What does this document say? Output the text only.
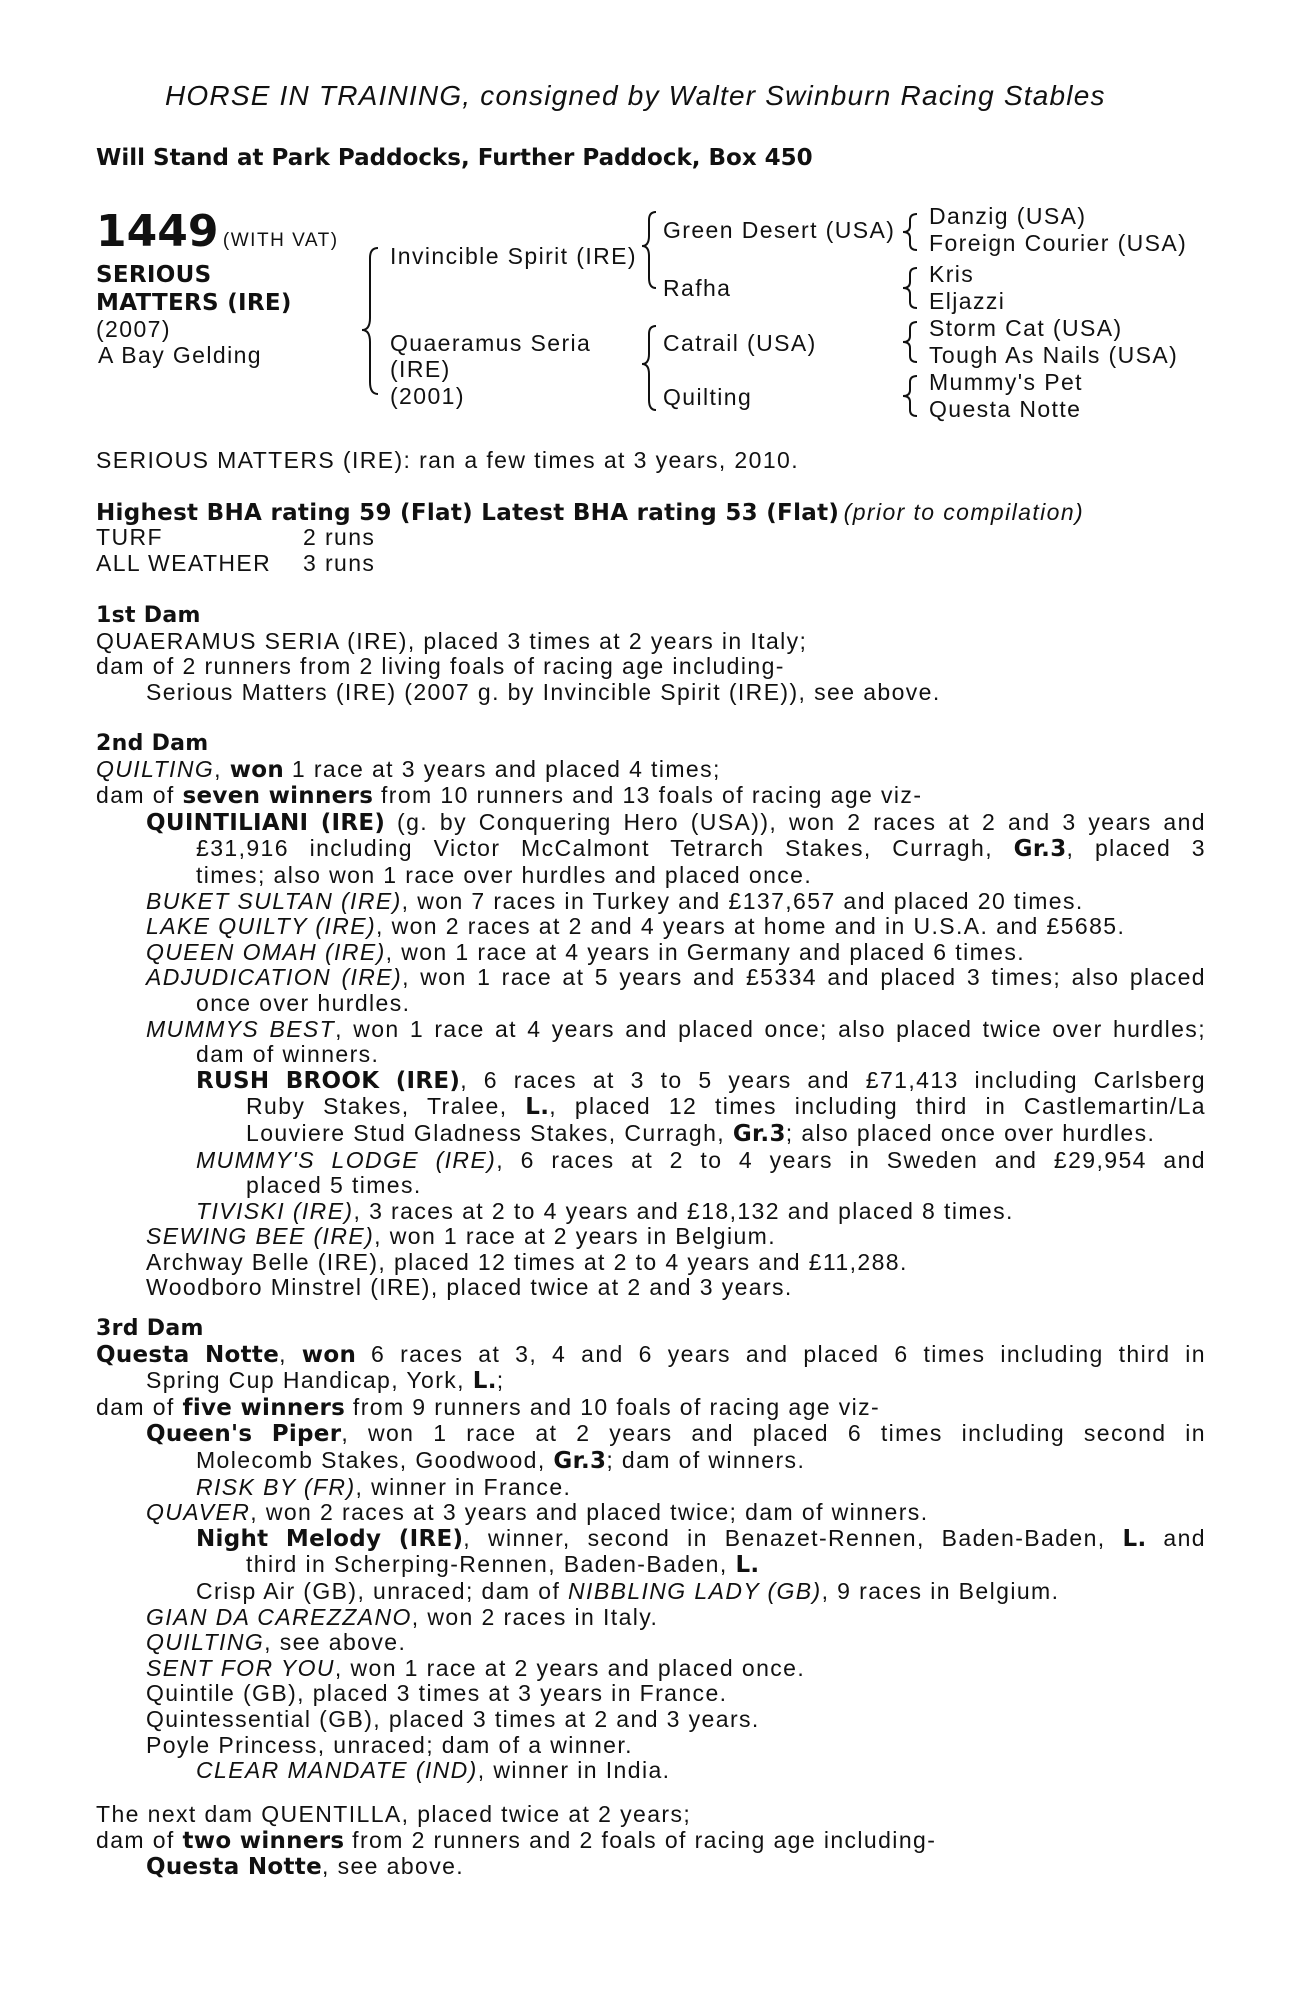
HORSE IN TRAINING, consigned by Walter Swinburn Racing Stables
Will Stand at Park Paddocks, Further Paddock, Box 450
1449 (WITH VAT)
SERIOUS
MATTERS (IRE)
(2007)
A Bay Gelding
Invincible Spirit (IRE)
Quaeramus Seria
(IRE)
(2001)
Green Desert (USA)
Rafha
Catrail (USA)
Quilting
Danzig (USA)
Foreign Courier (USA)
Kris
Eljazzi
Storm Cat (USA)
Tough As Nails (USA)
Mummy's Pet
Questa Notte
SERIOUS MATTERS (IRE): ran a few times at 3 years, 2010.
Highest BHA rating 59 (Flat) Latest BHA rating 53 (Flat) (prior to compilation)
TURF	2 runs
ALL WEATHER 3 runs
1st Dam
QUAERAMUS SERIA (IRE), placed 3 times at 2 years in Italy;
dam of 2 runners from 2 living foals of racing age including-
Serious Matters (IRE) (2007 g. by Invincible Spirit (IRE)), see above.
2nd Dam
QUILTING, won 1 race at 3 years and placed 4 times;
dam of seven winners from 10 runners and 13 foals of racing age viz-
QUINTILIANI (IRE) (g. by Conquering Hero (USA)), won 2 races at 2 and 3 years and
£31,916 including Victor McCalmont Tetrarch Stakes, Curragh, Gr.3, placed 3
times; also won 1 race over hurdles and placed once.
BUKET SULTAN (IRE), won 7 races in Turkey and £137,657 and placed 20 times.
LAKE QUILTY (IRE), won 2 races at 2 and 4 years at home and in U.S.A. and £5685.
QUEEN OMAH (IRE), won 1 race at 4 years in Germany and placed 6 times.
ADJUDICATION (IRE), won 1 race at 5 years and £5334 and placed 3 times; also placed
once over hurdles.
MUMMYS BEST, won 1 race at 4 years and placed once; also placed twice over hurdles;
dam of winners.
RUSH BROOK (IRE), 6 races at 3 to 5 years and £71,413 including Carlsberg
Ruby Stakes, Tralee, L., placed 12 times including third in Castlemartin/La
Louviere Stud Gladness Stakes, Curragh, Gr.3; also placed once over hurdles.
MUMMY'S LODGE (IRE), 6 races at 2 to 4 years in Sweden and £29,954 and
placed 5 times.
TIVISKI (IRE), 3 races at 2 to 4 years and £18,132 and placed 8 times.
SEWING BEE (IRE), won 1 race at 2 years in Belgium.
Archway Belle (IRE), placed 12 times at 2 to 4 years and £11,288.
Woodboro Minstrel (IRE), placed twice at 2 and 3 years.
3rd Dam
Questa Notte, won 6 races at 3, 4 and 6 years and placed 6 times including third in
Spring Cup Handicap, York, L.;
dam of five winners from 9 runners and 10 foals of racing age viz-
Queen's Piper, won 1 race at 2 years and placed 6 times including second in
Molecomb Stakes, Goodwood, Gr.3; dam of winners.
RISK BY (FR), winner in France.
QUAVER, won 2 races at 3 years and placed twice; dam of winners.
Night Melody (IRE), winner, second in Benazet-Rennen, Baden-Baden, L. and
third in Scherping-Rennen, Baden-Baden, L.
Crisp Air (GB), unraced; dam of NIBBLING LADY (GB), 9 races in Belgium.
GIAN DA CAREZZANO, won 2 races in Italy.
QUILTING, see above.
SENT FOR YOU, won 1 race at 2 years and placed once.
Quintile (GB), placed 3 times at 3 years in France.
Quintessential (GB), placed 3 times at 2 and 3 years.
Poyle Princess, unraced; dam of a winner.
CLEAR MANDATE (IND), winner in India.
The next dam QUENTILLA, placed twice at 2 years;
dam of two winners from 2 runners and 2 foals of racing age including-
Questa Notte, see above.
